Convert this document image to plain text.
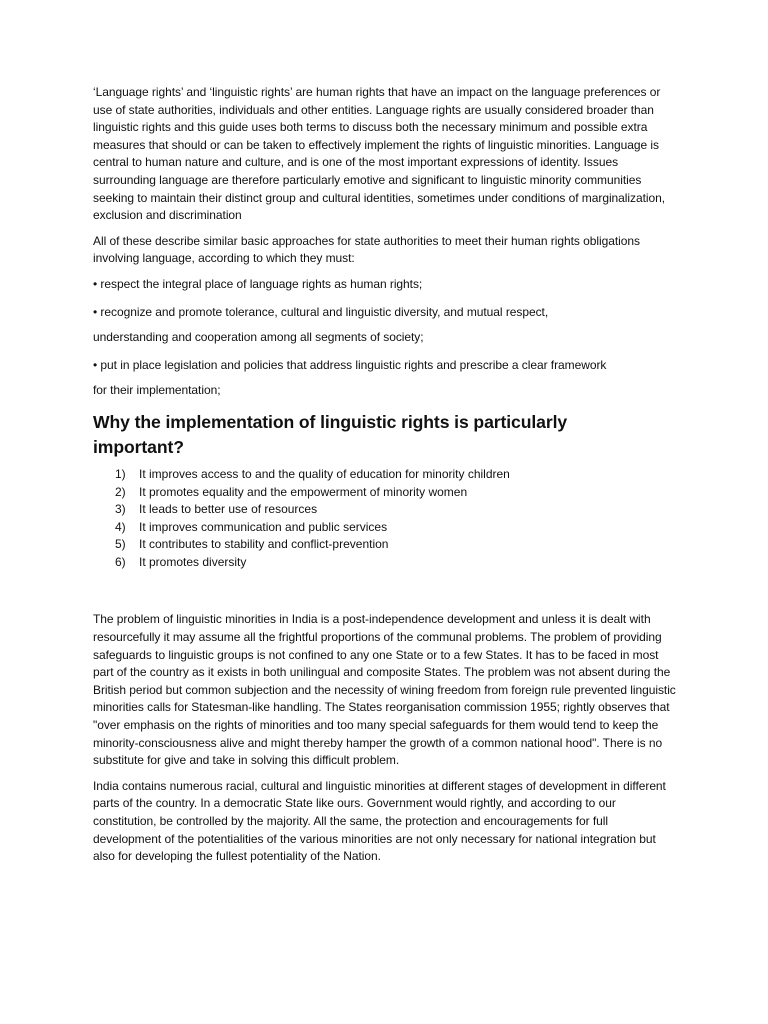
‘Language rights’ and ‘linguistic rights’ are human rights that have an impact on the language preferences or use of state authorities, individuals and other entities. Language rights are usually considered broader than linguistic rights and this guide uses both terms to discuss both the necessary minimum and possible extra measures that should or can be taken to effectively implement the rights of linguistic minorities. Language is central to human nature and culture, and is one of the most important expressions of identity. Issues surrounding language are therefore particularly emotive and significant to linguistic minority communities seeking to maintain their distinct group and cultural identities, sometimes under conditions of marginalization, exclusion and discrimination

All of these describe similar basic approaches for state authorities to meet their human rights obligations involving language, according to which they must:

• respect the integral place of language rights as human rights;

• recognize and promote tolerance, cultural and linguistic diversity, and mutual respect,

understanding and cooperation among all segments of society;

• put in place legislation and policies that address linguistic rights and prescribe a clear framework

for their implementation;

Why the implementation of linguistic rights is particularly important?
1) It improves access to and the quality of education for minority children
2) It promotes equality and the empowerment of minority women
3) It leads to better use of resources
4) It improves communication and public services
5) It contributes to stability and conflict-prevention
6) It promotes diversity

The problem of linguistic minorities in India is a post-independence development and unless it is dealt with resourcefully it may assume all the frightful proportions of the communal problems. The problem of providing safeguards to linguistic groups is not confined to any one State or to a few States. It has to be faced in most part of the country as it exists in both unilingual and composite States. The problem was not absent during the British period but common subjection and the necessity of wining freedom from foreign rule prevented linguistic minorities calls for Statesman-like handling. The States reorganisation commission 1955; rightly observes that "over emphasis on the rights of minorities and too many special safeguards for them would tend to keep the minority-consciousness alive and might thereby hamper the growth of a common national hood". There is no substitute for give and take in solving this difficult problem.

India contains numerous racial, cultural and linguistic minorities at different stages of development in different parts of the country. In a democratic State like ours. Government would rightly, and according to our constitution, be controlled by the majority. All the same, the protection and encouragements for full development of the potentialities of the various minorities are not only necessary for national integration but also for developing the fullest potentiality of the Nation.
